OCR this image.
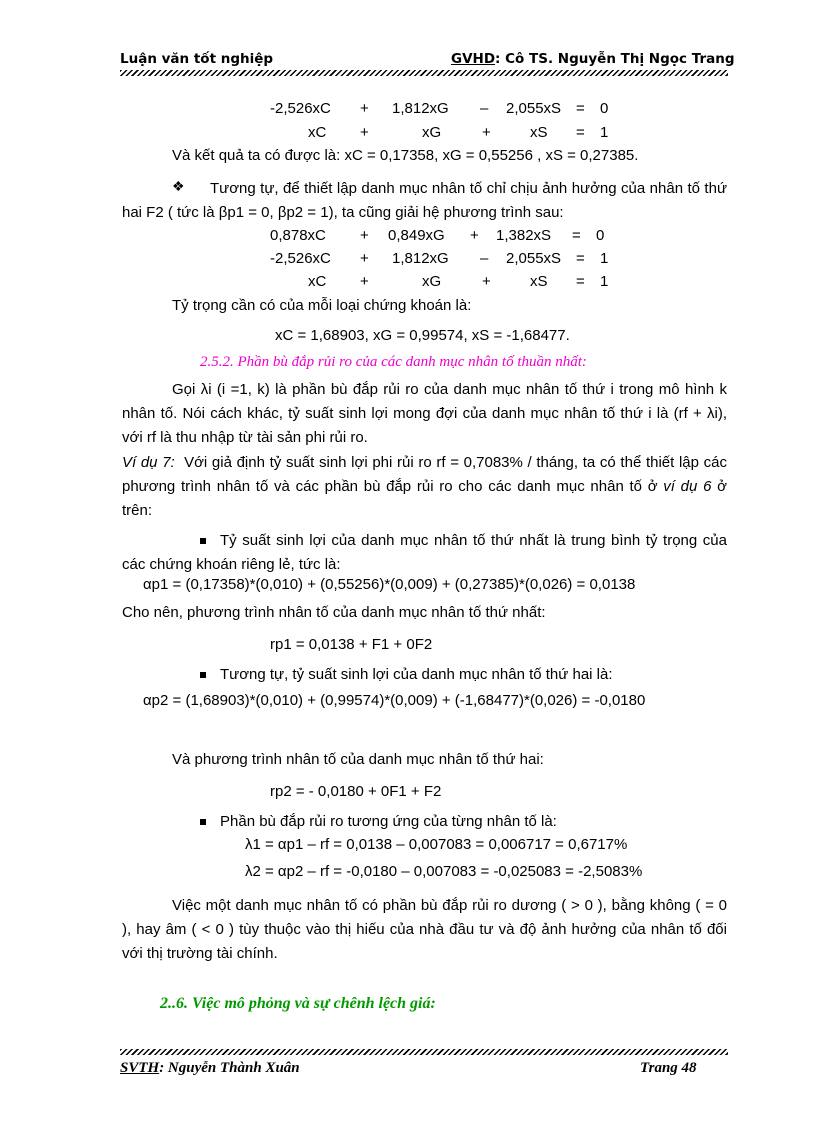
Luận văn tốt nghiệp	GVHD: Cô TS. Nguyễn Thị Ngọc Trang
-2,526xC + 1,812xG – 2,055xS = 0
xC +	xG	+	xS = 1
Và kết quả ta có được là: xC = 0,17358, xG = 0,55256 , xS = 0,27385.
❖	Tương tự, để thiết lập danh mục nhân tố chỉ chịu ảnh hưởng của nhân tố thứ hai F2 ( tức là βp1 = 0, βp2 = 1), ta cũng giải hệ phương trình sau:
0,878xC + 0,849xG + 1,382xS = 0
-2,526xC + 1,812xG – 2,055xS = 1
xC +	xG	+	xS = 1
Tỷ trọng cần có của mỗi loại chứng khoán là:
xC = 1,68903, xG = 0,99574, xS = -1,68477.
2.5.2. Phần bù đắp rủi ro của các danh mục nhân tố thuần nhất:
Gọi λi (i =1, k) là phần bù đắp rủi ro của danh mục nhân tố thứ i trong mô hình k nhân tố. Nói cách khác, tỷ suất sinh lợi mong đợi của danh mục nhân tố thứ i là (rf + λi), với rf là thu nhập từ tài sản phi rủi ro.
Ví dụ 7: Với giả định tỷ suất sinh lợi phi rủi ro rf = 0,7083% / tháng, ta có thể thiết lập các phương trình nhân tố và các phần bù đắp rủi ro cho các danh mục nhân tố ở ví dụ 6 ở trên:
Tỷ suất sinh lợi của danh mục nhân tố thứ nhất là trung bình tỷ trọng của các chứng khoán riêng lẻ, tức là:
αp1 = (0,17358)*(0,010) + (0,55256)*(0,009) + (0,27385)*(0,026) = 0,0138
Cho nên, phương trình nhân tố của danh mục nhân tố thứ nhất:
rp1 = 0,0138 + F1 + 0F2
Tương tự, tỷ suất sinh lợi của danh mục nhân tố thứ hai là:
αp2 = (1,68903)*(0,010) + (0,99574)*(0,009) + (-1,68477)*(0,026) = -0,0180
Và phương trình nhân tố của danh mục nhân tố thứ hai:
rp2 = - 0,0180 + 0F1 + F2
Phần bù đắp rủi ro tương ứng của từng nhân tố là:
λ1 = αp1 – rf = 0,0138 – 0,007083 = 0,006717 = 0,6717%
λ2 = αp2 – rf = -0,0180 – 0,007083 = -0,025083 = -2,5083%
Việc một danh mục nhân tố có phần bù đắp rủi ro dương ( > 0 ), bằng không ( = 0 ), hay âm ( < 0 ) tùy thuộc vào thị hiếu của nhà đầu tư và độ ảnh hưởng của nhân tố đối với thị trường tài chính.
2..6. Việc mô phỏng và sự chênh lệch giá:
SVTH: Nguyễn Thành Xuân	Trang 48
